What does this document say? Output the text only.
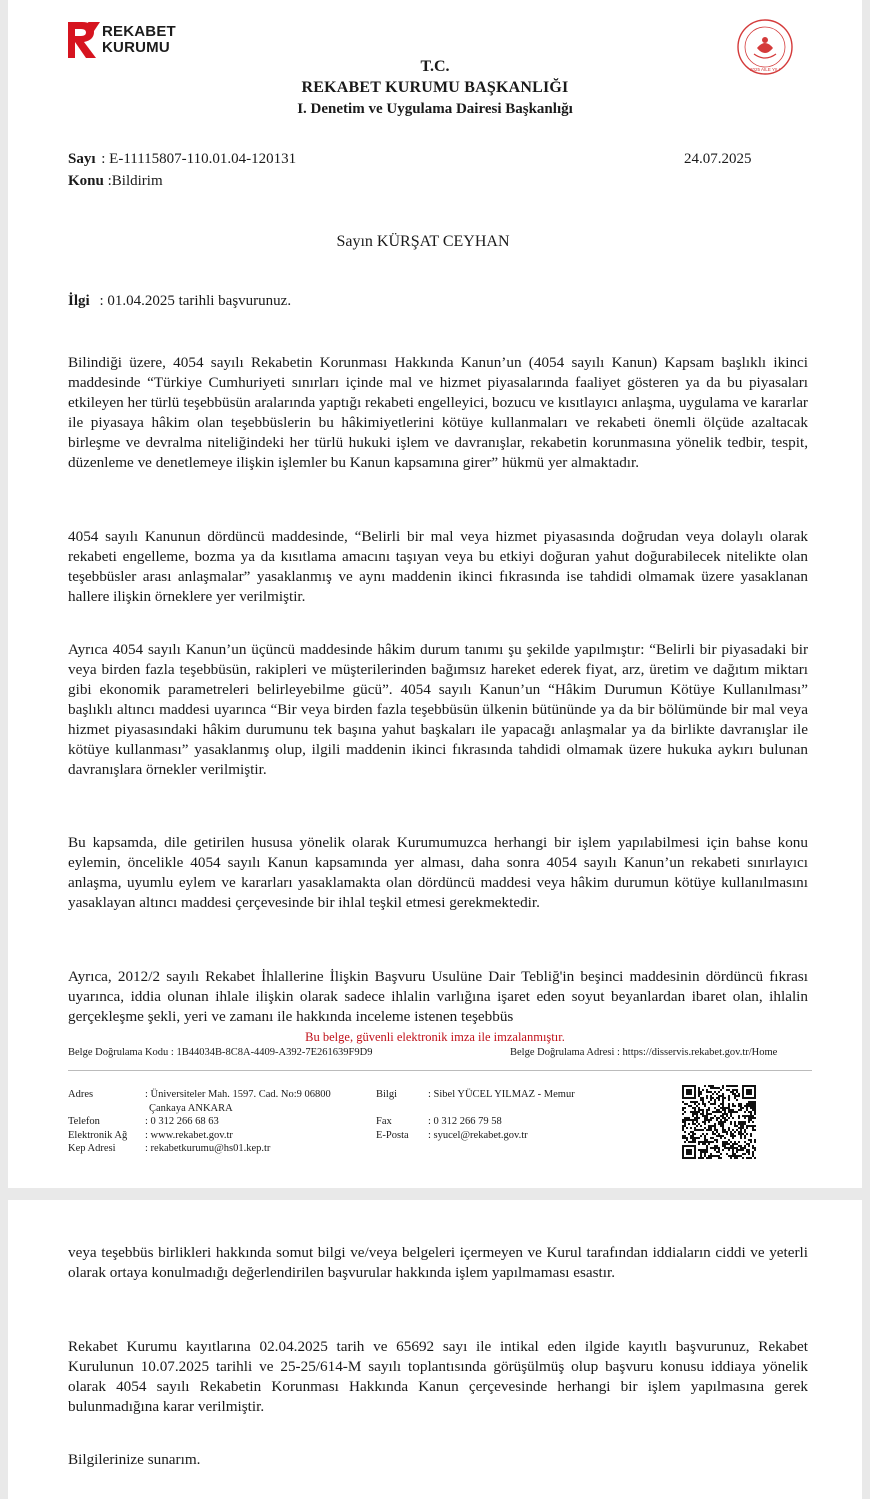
REKABET
KURUMU
2025 AİLE YILI
T.C.
REKABET KURUMU BAŞKANLIĞI
I. Denetim ve Uygulama Dairesi Başkanlığı
Sayı : E-11115807-110.01.04-120131	24.07.2025
Konu :Bildirim
Sayın KÜRŞAT CEYHAN
İlgi : 01.04.2025 tarihli başvurunuz.

Bilindiği üzere, 4054 sayılı Rekabetin Korunması Hakkında Kanun’un (4054 sayılı Kanun) Kapsam başlıklı ikinci maddesinde “Türkiye Cumhuriyeti sınırları içinde mal ve hizmet piyasalarında faaliyet gösteren ya da bu piyasaları etkileyen her türlü teşebbüsün aralarında yaptığı rekabeti engelleyici, bozucu ve kısıtlayıcı anlaşma, uygulama ve kararlar ile piyasaya hâkim olan teşebbüslerin bu hâkimiyetlerini kötüye kullanmaları ve rekabeti önemli ölçüde azaltacak birleşme ve devralma niteliğindeki her türlü hukuki işlem ve davranışlar, rekabetin korunmasına yönelik tedbir, tespit, düzenleme ve denetlemeye ilişkin işlemler bu Kanun kapsamına girer” hükmü yer almaktadır.

4054 sayılı Kanunun dördüncü maddesinde, “Belirli bir mal veya hizmet piyasasında doğrudan veya dolaylı olarak rekabeti engelleme, bozma ya da kısıtlama amacını taşıyan veya bu etkiyi doğuran yahut doğurabilecek nitelikte olan teşebbüsler arası anlaşmalar” yasaklanmış ve aynı maddenin ikinci fıkrasında ise tahdidi olmamak üzere yasaklanan hallere ilişkin örneklere yer verilmiştir.

Ayrıca 4054 sayılı Kanun’un üçüncü maddesinde hâkim durum tanımı şu şekilde yapılmıştır: “Belirli bir piyasadaki bir veya birden fazla teşebbüsün, rakipleri ve müşterilerinden bağımsız hareket ederek fiyat, arz, üretim ve dağıtım miktarı gibi ekonomik parametreleri belirleyebilme gücü”. 4054 sayılı Kanun’un “Hâkim Durumun Kötüye Kullanılması” başlıklı altıncı maddesi uyarınca “Bir veya birden fazla teşebbüsün ülkenin bütününde ya da bir bölümünde bir mal veya hizmet piyasasındaki hâkim durumunu tek başına yahut başkaları ile yapacağı anlaşmalar ya da birlikte davranışlar ile kötüye kullanması” yasaklanmış olup, ilgili maddenin ikinci fıkrasında tahdidi olmamak üzere hukuka aykırı bulunan davranışlara örnekler verilmiştir.

Bu kapsamda, dile getirilen hususa yönelik olarak Kurumumuzca herhangi bir işlem yapılabilmesi için bahse konu eylemin, öncelikle 4054 sayılı Kanun kapsamında yer alması, daha sonra 4054 sayılı Kanun’un rekabeti sınırlayıcı anlaşma, uyumlu eylem ve kararları yasaklamakta olan dördüncü maddesi veya hâkim durumun kötüye kullanılmasını yasaklayan altıncı maddesi çerçevesinde bir ihlal teşkil etmesi gerekmektedir.

Ayrıca, 2012/2 sayılı Rekabet İhlallerine İlişkin Başvuru Usulüne Dair Tebliğ'in beşinci maddesinin dördüncü fıkrası uyarınca, iddia olunan ihlale ilişkin olarak sadece ihlalin varlığına işaret eden soyut beyanlardan ibaret olan, ihlalin gerçekleşme şekli, yeri ve zamanı ile hakkında inceleme istenen teşebbüs

Bu belge, güvenli elektronik imza ile imzalanmıştır.
Belge Doğrulama Kodu : 1B44034B-8C8A-4409-A392-7E261639F9D9	Belge Doğrulama Adresi : https://disservis.rekabet.gov.tr/Home
Adres

Telefon
Elektronik Ağ
Kep Adresi
: Üniversiteler Mah. 1597. Cad. No:9 06800
Çankaya ANKARA
: 0 312 266 68 63
: www.rekabet.gov.tr
: rekabetkurumu@hs01.kep.tr
Bilgi

Fax
E-Posta
: Sibel YÜCEL YILMAZ - Memur

: 0 312 266 79 58
: syucel@rekabet.gov.tr

veya teşebbüs birlikleri hakkında somut bilgi ve/veya belgeleri içermeyen ve Kurul tarafından iddiaların ciddi ve yeterli olarak ortaya konulmadığı değerlendirilen başvurular hakkında işlem yapılmaması esastır.

Rekabet Kurumu kayıtlarına 02.04.2025 tarih ve 65692 sayı ile intikal eden ilgide kayıtlı başvurunuz, Rekabet Kurulunun 10.07.2025 tarihli ve 25-25/614-M sayılı toplantısında görüşülmüş olup başvuru konusu iddiaya yönelik olarak 4054 sayılı Rekabetin Korunması Hakkında Kanun çerçevesinde herhangi bir işlem yapılmasına gerek bulunmadığına karar verilmiştir.

Bilgilerinize sunarım.
